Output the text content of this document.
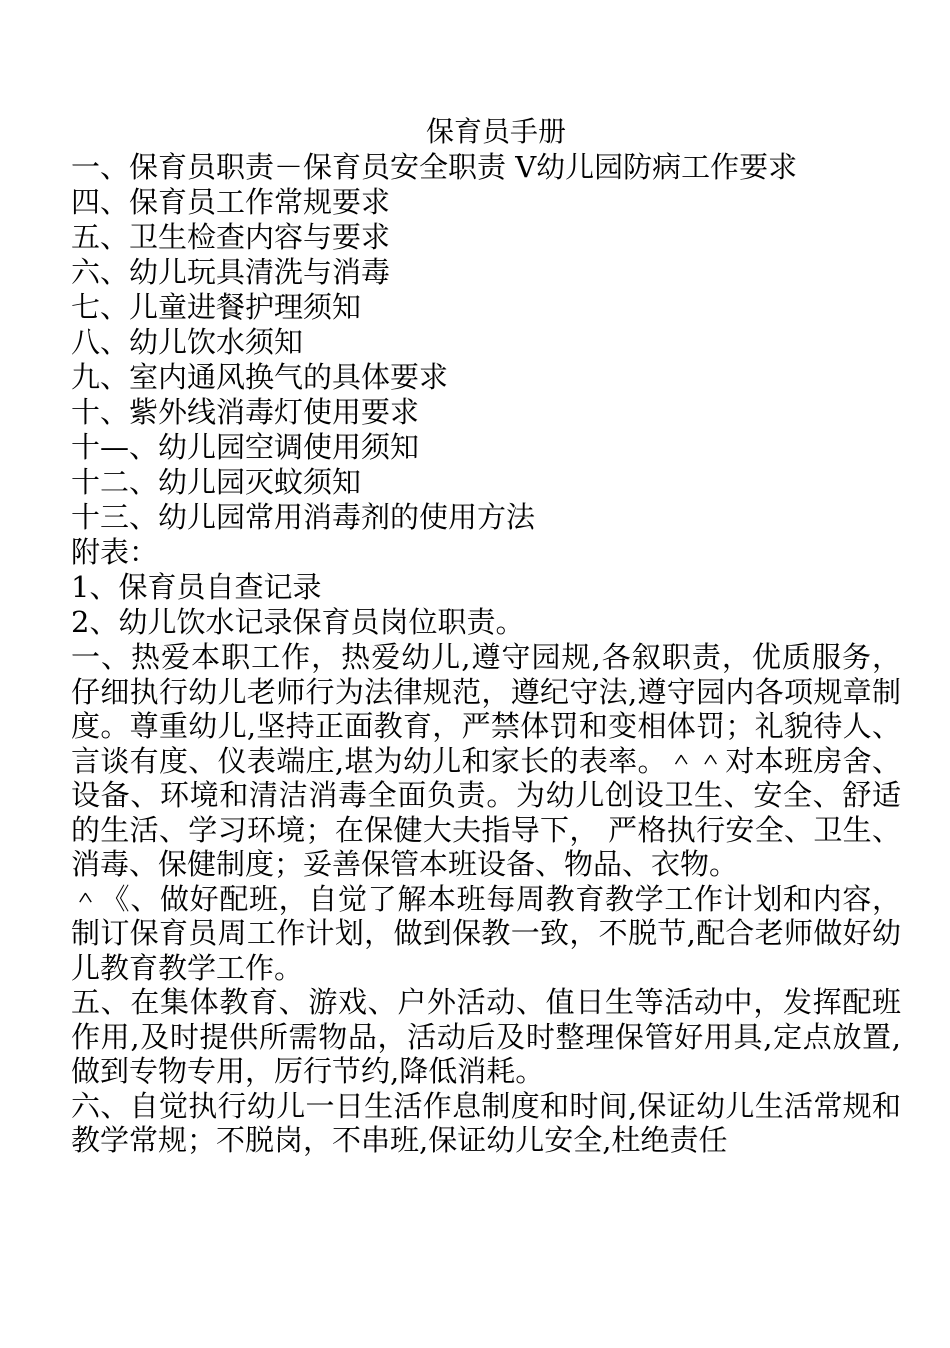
保育员手册

一、保育员职责－保育员安全职责 Ⅴ幼儿园防病工作要求

四、保育员工作常规要求

五、卫生检查内容与要求

六、幼儿玩具清洗与消毒

七、儿童进餐护理须知

八、幼儿饮水须知

九、室内通风换气的具体要求

十、紫外线消毒灯使用要求

十—、幼儿园空调使用须知

十二、幼儿园灭蚊须知

十三、幼儿园常用消毒剂的使用方法

附表：

1、保育员自查记录

2、幼儿饮水记录保育员岗位职责。

一、热爱本职工作，热爱幼儿,遵守园规,各叙职责，优质服务，仔细执行幼儿老师行为法律规范，遵纪守法,遵守园内各项规章制度。尊重幼儿,坚持正面教育，严禁体罚和变相体罚；礼貌待人、言谈有度、仪表端庄,堪为幼儿和家长的表率。＾＾对本班房舍、设备、环境和清洁消毒全面负责。为幼儿创设卫生、安全、舒适的生活、学习环境；在保健大夫指导下， 严格执行安全、卫生、消毒、保健制度；妥善保管本班设备、物品、衣物。

＾《、做好配班，自觉了解本班每周教育教学工作计划和内容，制订保育员周工作计划，做到保教一致，不脱节,配合老师做好幼儿教育教学工作。

五、在集体教育、游戏、户外活动、值日生等活动中，发挥配班作用,及时提供所需物品，活动后及时整理保管好用具,定点放置,做到专物专用，厉行节约,降低消耗。

六、自觉执行幼儿一日生活作息制度和时间,保证幼儿生活常规和教学常规；不脱岗，不串班,保证幼儿安全,杜绝责任
